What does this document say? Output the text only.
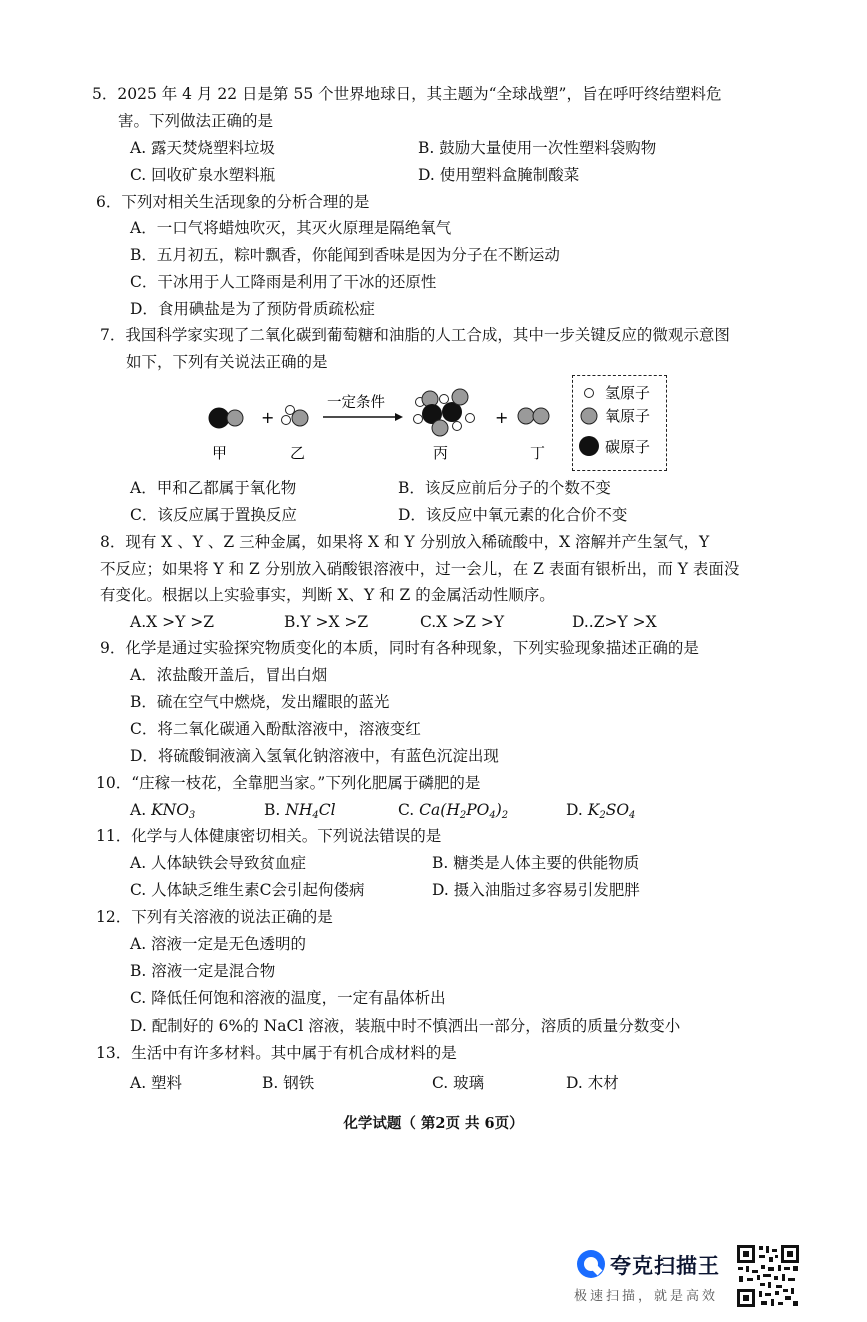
5．2025 年 4 月 22 日是第 55 个世界地球日，其主题为“全球战塑”，旨在呼吁终结塑料危
害。下列做法正确的是
A. 露天焚烧塑料垃圾	B. 鼓励大量使用一次性塑料袋购物
C. 回收矿泉水塑料瓶	D. 使用塑料盒腌制酸菜
6．下列对相关生活现象的分析合理的是
A．一口气将蜡烛吹灭，其灭火原理是隔绝氧气
B．五月初五，粽叶飘香，你能闻到香味是因为分子在不断运动
C．干冰用于人工降雨是利用了干冰的还原性
D．食用碘盐是为了预防骨质疏松症
7．我国科学家实现了二氧化碳到葡萄糖和油脂的人工合成，其中一步关键反应的微观示意图
如下，下列有关说法正确的是
+
一定条件
+
甲	乙	丙	丁
氢原子
氧原子
碳原子
A．甲和乙都属于氧化物	B．该反应前后分子的个数不变
C．该反应属于置换反应	D．该反应中氧元素的化合价不变
8．现有 X 、Y 、Z 三种金属，如果将 X 和 Y 分别放入稀硫酸中，X 溶解并产生氢气，Y
不反应；如果将 Y 和 Z 分别放入硝酸银溶液中，过一会儿，在 Z 表面有银析出，而 Y 表面没
有变化。根据以上实验事实，判断 X、Y 和 Z 的金属活动性顺序。
A.X >Y >Z	B.Y >X >Z	C.X >Z >Y	D..Z>Y >X
9．化学是通过实验探究物质变化的本质，同时有各种现象，下列实验现象描述正确的是
A．浓盐酸开盖后，冒出白烟
B．硫在空气中燃烧，发出耀眼的蓝光
C．将二氧化碳通入酚酞溶液中，溶液变红
D．将硫酸铜液滴入氢氧化钠溶液中，有蓝色沉淀出现
10．“庄稼一枝花，全靠肥当家。”下列化肥属于磷肥的是
A. $KNO_3$	B. $NH_4Cl$	C. $Ca(H_2PO_4)_2$	D. $K_2SO_4$
11．化学与人体健康密切相关。下列说法错误的是
A. 人体缺铁会导致贫血症	B. 糖类是人体主要的供能物质
C. 人体缺乏维生素C会引起佝偻病	D. 摄入油脂过多容易引发肥胖
12．下列有关溶液的说法正确的是
A. 溶液一定是无色透明的
B. 溶液一定是混合物
C. 降低任何饱和溶液的温度，一定有晶体析出
D. 配制好的 6%的 NaCl 溶液，装瓶中时不慎洒出一部分，溶质的质量分数变小
13．生活中有许多材料。其中属于有机合成材料的是
A. 塑料	B. 钢铁	C. 玻璃	D. 木材
化学试题（ 第2页 共 6页）
夸克扫描王
极速扫描，就是高效
